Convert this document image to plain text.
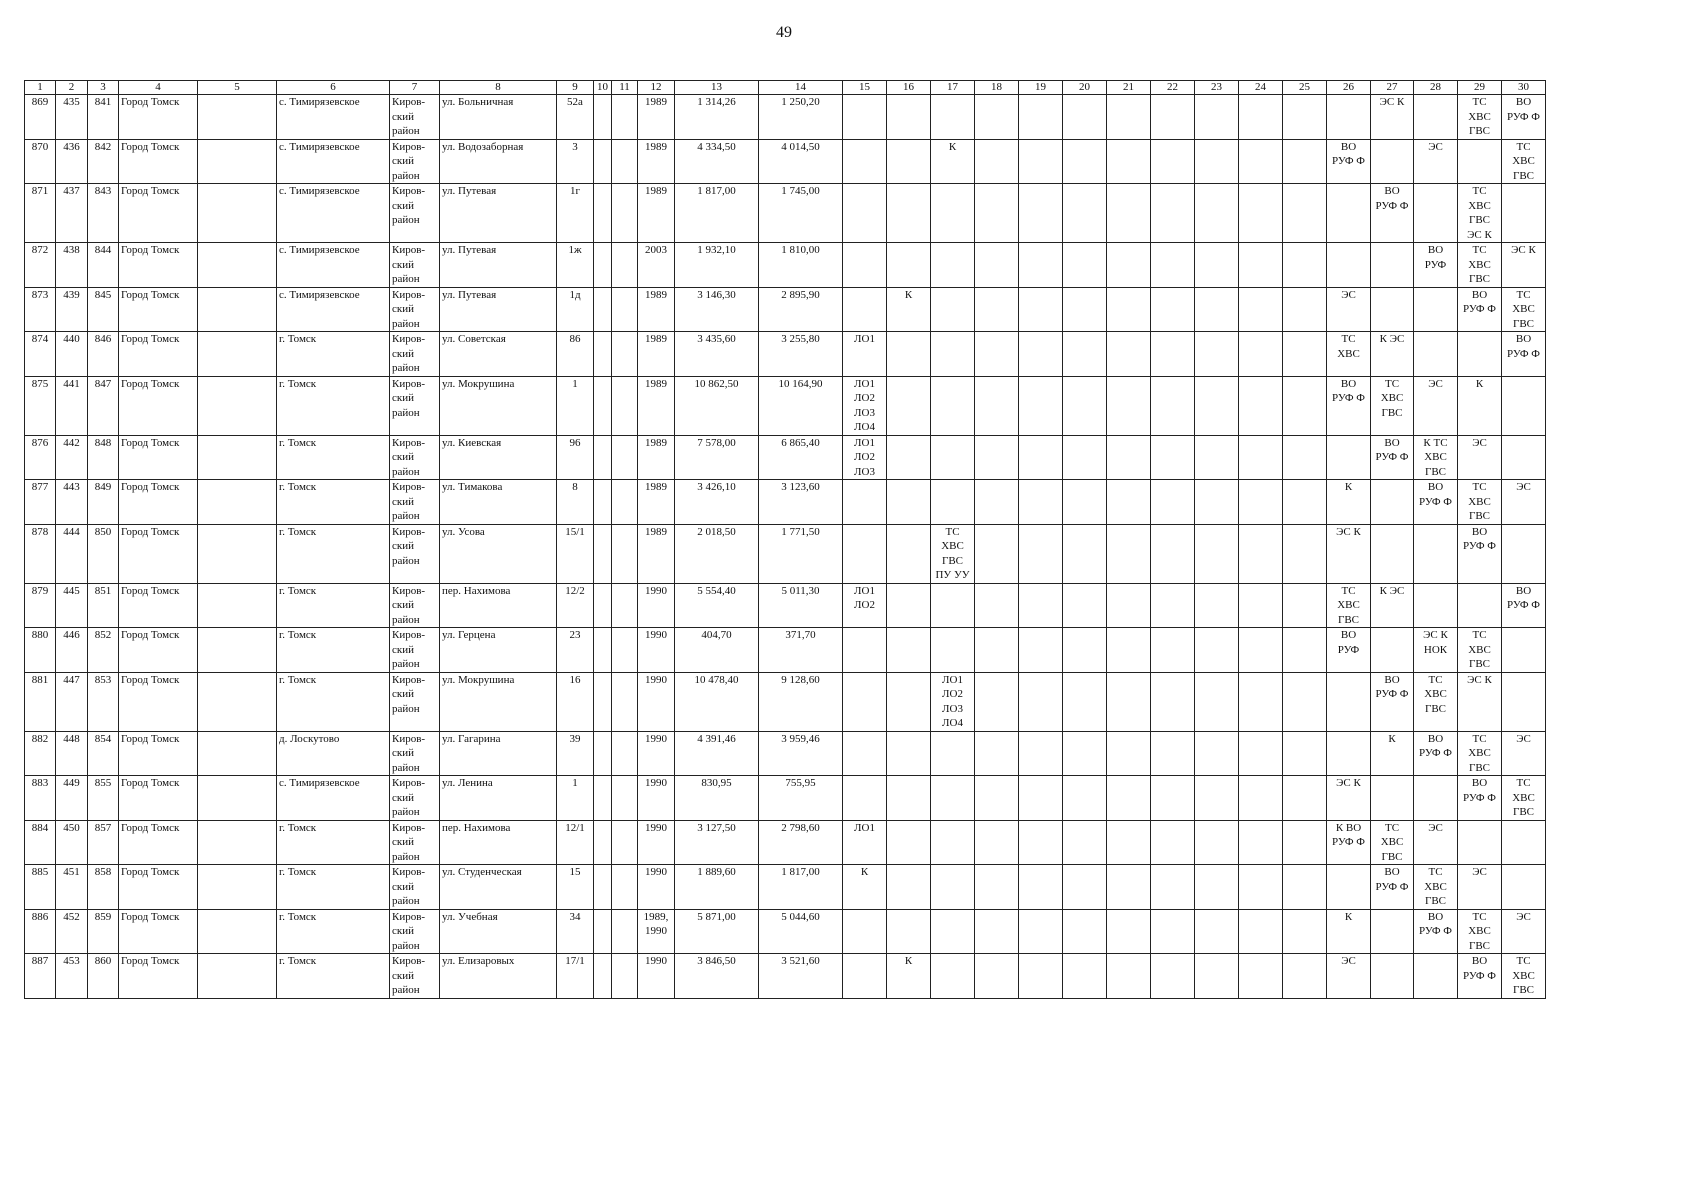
49
1	2	3	4	5	6	7	8	9	10	11	12	13	14	15	16	17	18	19	20	21	22	23	24	25	26	27	28	29	30
869	435	841	Город Томск		с. Тимирязевское	Киров-
ский
район	ул. Больничная	52а			1989	1 314,26	1 250,20													ЭС К		ТС
ХВС
ГВС	ВО
РУФ Ф
870	436	842	Город Томск		с. Тимирязевское	Киров-
ский
район	ул. Водозаборная	3			1989	4 334,50	4 014,50			К									ВО
РУФ Ф		ЭС		ТС
ХВС
ГВС
871	437	843	Город Томск		с. Тимирязевское	Киров-
ский
район	ул. Путевая	1г			1989	1 817,00	1 745,00													ВО
РУФ Ф		ТС
ХВС
ГВС
ЭС К	
872	438	844	Город Томск		с. Тимирязевское	Киров-
ский
район	ул. Путевая	1ж			2003	1 932,10	1 810,00														ВО
РУФ	ТС
ХВС
ГВС	ЭС К
873	439	845	Город Томск		с. Тимирязевское	Киров-
ский
район	ул. Путевая	1д			1989	3 146,30	2 895,90		К										ЭС			ВО
РУФ Ф	ТС
ХВС
ГВС
874	440	846	Город Томск		г. Томск	Киров-
ский
район	ул. Советская	86			1989	3 435,60	3 255,80	ЛО1											ТС
ХВС	К ЭС			ВО
РУФ Ф
875	441	847	Город Томск		г. Томск	Киров-
ский
район	ул. Мокрушина	1			1989	10 862,50	10 164,90	ЛО1
ЛО2
ЛО3
ЛО4											ВО
РУФ Ф	ТС
ХВС
ГВС	ЭС	К	
876	442	848	Город Томск		г. Томск	Киров-
ский
район	ул. Киевская	96			1989	7 578,00	6 865,40	ЛО1
ЛО2
ЛО3												ВО
РУФ Ф	К ТС
ХВС
ГВС	ЭС	
877	443	849	Город Томск		г. Томск	Киров-
ский
район	ул. Тимакова	8			1989	3 426,10	3 123,60												К		ВО
РУФ Ф	ТС
ХВС
ГВС	ЭС
878	444	850	Город Томск		г. Томск	Киров-
ский
район	ул. Усова	15/1			1989	2 018,50	1 771,50			ТС
ХВС
ГВС
ПУ УУ									ЭС К			ВО
РУФ Ф	
879	445	851	Город Томск		г. Томск	Киров-
ский
район	пер. Нахимова	12/2			1990	5 554,40	5 011,30	ЛО1
ЛО2											ТС
ХВС
ГВС	К ЭС			ВО
РУФ Ф
880	446	852	Город Томск		г. Томск	Киров-
ский
район	ул. Герцена	23			1990	404,70	371,70												ВО
РУФ		ЭС К
НОК	ТС
ХВС
ГВС	
881	447	853	Город Томск		г. Томск	Киров-
ский
район	ул. Мокрушина	16			1990	10 478,40	9 128,60			ЛО1
ЛО2
ЛО3
ЛО4										ВО
РУФ Ф	ТС
ХВС
ГВС	ЭС К	
882	448	854	Город Томск		д. Лоскутово	Киров-
ский
район	ул. Гагарина	39			1990	4 391,46	3 959,46													К	ВО
РУФ Ф	ТС
ХВС
ГВС	ЭС
883	449	855	Город Томск		с. Тимирязевское	Киров-
ский
район	ул. Ленина	1			1990	830,95	755,95												ЭС К			ВО
РУФ Ф	ТС
ХВС
ГВС
884	450	857	Город Томск		г. Томск	Киров-
ский
район	пер. Нахимова	12/1			1990	3 127,50	2 798,60	ЛО1											К ВО
РУФ Ф	ТС
ХВС
ГВС	ЭС		
885	451	858	Город Томск		г. Томск	Киров-
ский
район	ул. Студенческая	15			1990	1 889,60	1 817,00	К												ВО
РУФ Ф	ТС
ХВС
ГВС	ЭС	
886	452	859	Город Томск		г. Томск	Киров-
ский
район	ул. Учебная	34			1989,
1990	5 871,00	5 044,60												К		ВО
РУФ Ф	ТС
ХВС
ГВС	ЭС
887	453	860	Город Томск		г. Томск	Киров-
ский
район	ул. Елизаровых	17/1			1990	3 846,50	3 521,60		К										ЭС			ВО
РУФ Ф	ТС
ХВС
ГВС
